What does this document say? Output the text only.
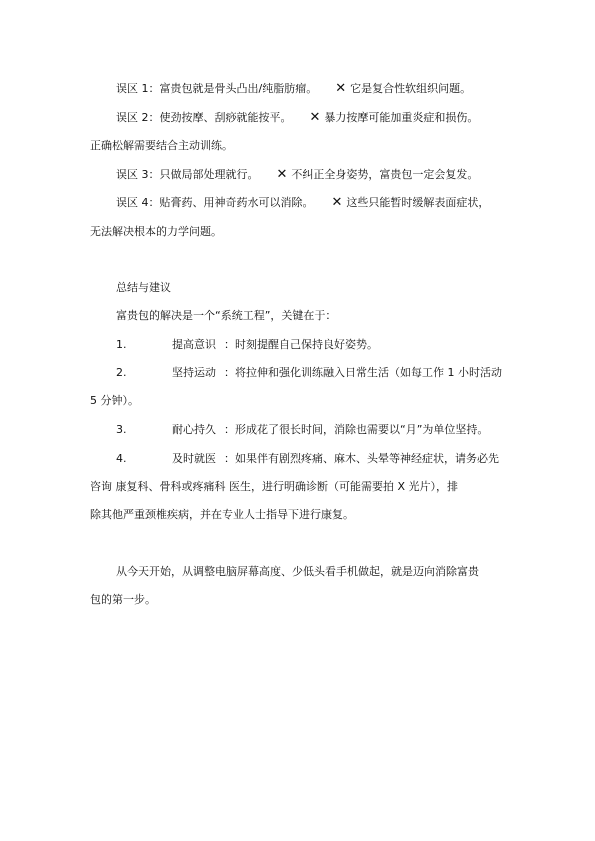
误区 1：富贵包就是骨头凸出/纯脂肪瘤。 ✕ 它是复合性软组织问题。
误区 2：使劲按摩、刮痧就能按平。 ✕ 暴力按摩可能加重炎症和损伤。
正确松解需要结合主动训练。
误区 3：只做局部处理就行。 ✕ 不纠正全身姿势，富贵包一定会复发。
误区 4：贴膏药、用神奇药水可以消除。 ✕ 这些只能暂时缓解表面症状，
无法解决根本的力学问题。
总结与建议
富贵包的解决是一个“系统工程”，关键在于：
1.	提高意识 ：时刻提醒自己保持良好姿势。
2.	坚持运动 ：将拉伸和强化训练融入日常生活（如每工作 1 小时活动
5 分钟）。
3.	耐心持久 ：形成花了很长时间，消除也需要以“月”为单位坚持。
4.	及时就医 ：如果伴有剧烈疼痛、麻木、头晕等神经症状，请务必先
咨询 康复科、骨科或疼痛科 医生，进行明确诊断（可能需要拍 X 光片），排
除其他严重颈椎疾病，并在专业人士指导下进行康复。
从今天开始，从调整电脑屏幕高度、少低头看手机做起，就是迈向消除富贵
包的第一步。
